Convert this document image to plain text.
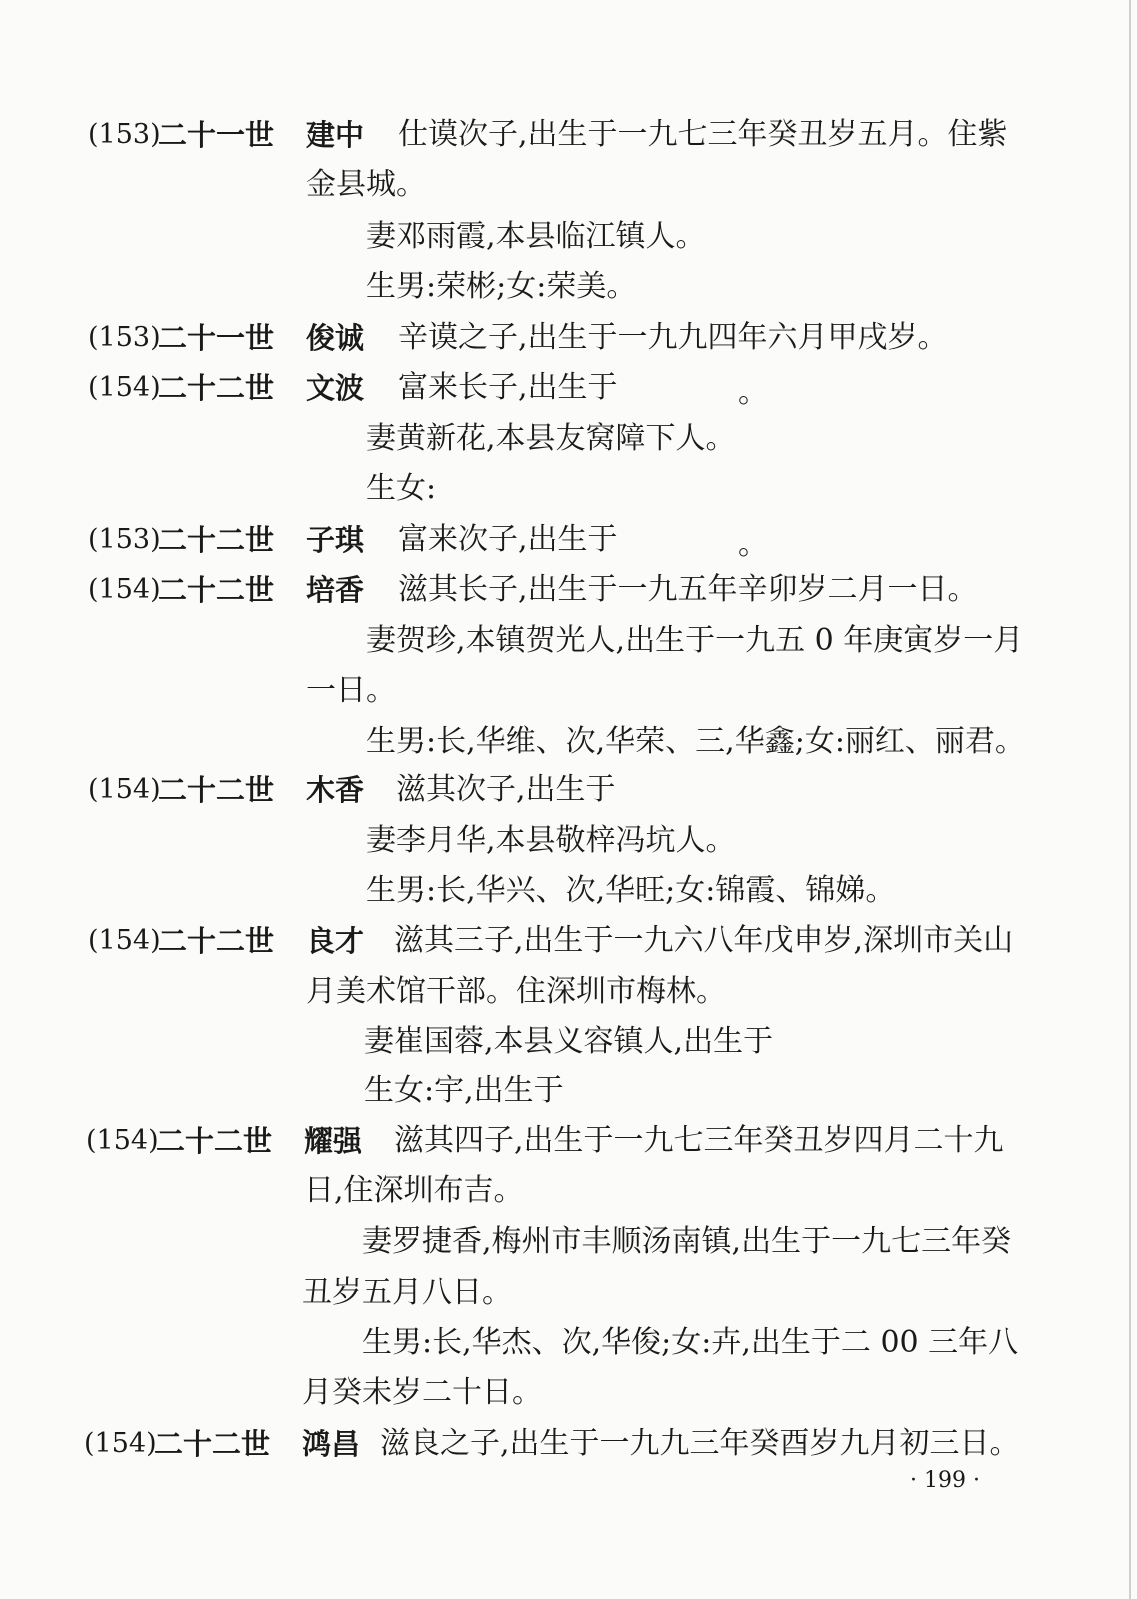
(153)
二十一世 建中 仕谟次子,出生于一九七三年癸丑岁五月。住紫
金县城。
妻邓雨霞,本县临江镇人。
生男:荣彬;女:荣美。
(153)
二十一世 俊诚 辛谟之子,出生于一九九四年六月甲戌岁。
(154)
二十二世 文波 富来长子,出生于	。
妻黄新花,本县友窝障下人。
生女:
(153)
二十二世 子琪 富来次子,出生于	。
(154)
二十二世 培香 滋其长子,出生于一九五年辛卯岁二月一日。
妻贺珍,本镇贺光人,出生于一九五 0 年庚寅岁一月
一日。
生男:长,华维、次,华荣、三,华鑫;女:丽红、丽君。
(154)
二十二世 木香 滋其次子,出生于
妻李月华,本县敬梓冯坑人。
生男:长,华兴、次,华旺;女:锦霞、锦娣。
(154)
二十二世 良才 滋其三子,出生于一九六八年戊申岁,深圳市关山
月美术馆干部。住深圳市梅林。
妻崔国蓉,本县义容镇人,出生于
生女:宇,出生于
(154)
二十二世 耀强 滋其四子,出生于一九七三年癸丑岁四月二十九
日,住深圳布吉。
妻罗捷香,梅州市丰顺汤南镇,出生于一九七三年癸
丑岁五月八日。
生男:长,华杰、次,华俊;女:卉,出生于二 00 三年八
月癸未岁二十日。
(154)
二十二世 鸿昌 滋良之子,出生于一九九三年癸酉岁九月初三日。
· 199 ·
